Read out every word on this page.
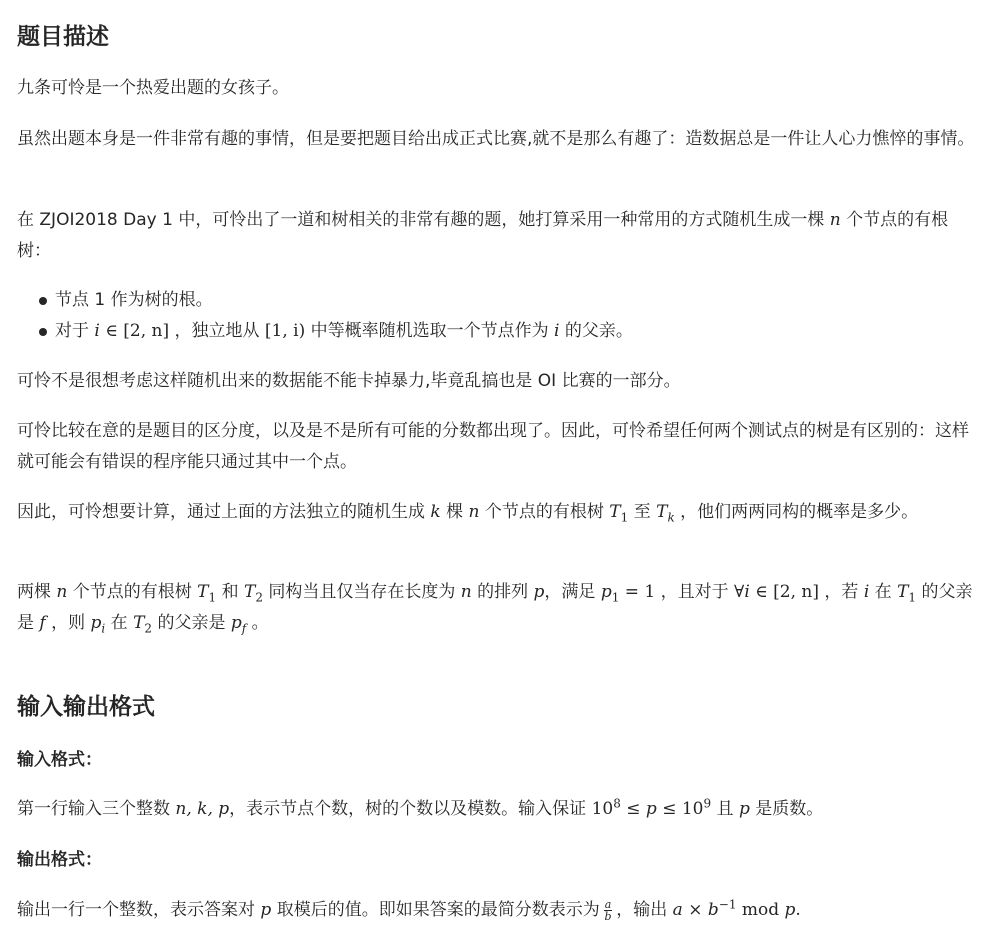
题目描述

九条可怜是一个热爱出题的女孩子。

虽然出题本身是一件非常有趣的事情，但是要把题目给出成正式比赛,就不是那么有趣了：造数据总是一件让人心力憔悴的事情。

在 ZJOI2018 Day 1 中，可怜出了一道和树相关的非常有趣的题，她打算采用一种常用的方式随机生成一棵 n 个节点的有根树：

节点 1 作为树的根。
对于 i ∈ [2, n] ，独立地从 [1, i) 中等概率随机选取一个节点作为 i 的父亲。

可怜不是很想考虑这样随机出来的数据能不能卡掉暴力,毕竟乱搞也是 OI 比赛的一部分。

可怜比较在意的是题目的区分度，以及是不是所有可能的分数都出现了。因此，可怜希望任何两个测试点的树是有区别的：这样就可能会有错误的程序能只通过其中一个点。

因此，可怜想要计算，通过上面的方法独立的随机生成 k 棵 n 个节点的有根树 $T_1$ 至 $T_k$ ，他们两两同构的概率是多少。

两棵 n 个节点的有根树 $T_1$ 和 $T_2$ 同构当且仅当存在长度为 n 的排列 p，满足 $p_1 = 1$ ，且对于 ∀i ∈ [2, n] ，若 i 在 $T_1$ 的父亲是 f ，则 $p_i$ 在 $T_2$ 的父亲是 $p_f$ 。

输入输出格式
输入格式：

第一行输入三个整数 n, k, p，表示节点个数，树的个数以及模数。输入保证 $10^8 \le p \le 10^9$ 且 p 是质数。

输出格式：

输出一行一个整数，表示答案对 p 取模后的值。即如果答案的最简分数表示为 $\frac{a}{b}$ ，输出 $a \times b^{-1}$ mod p.
